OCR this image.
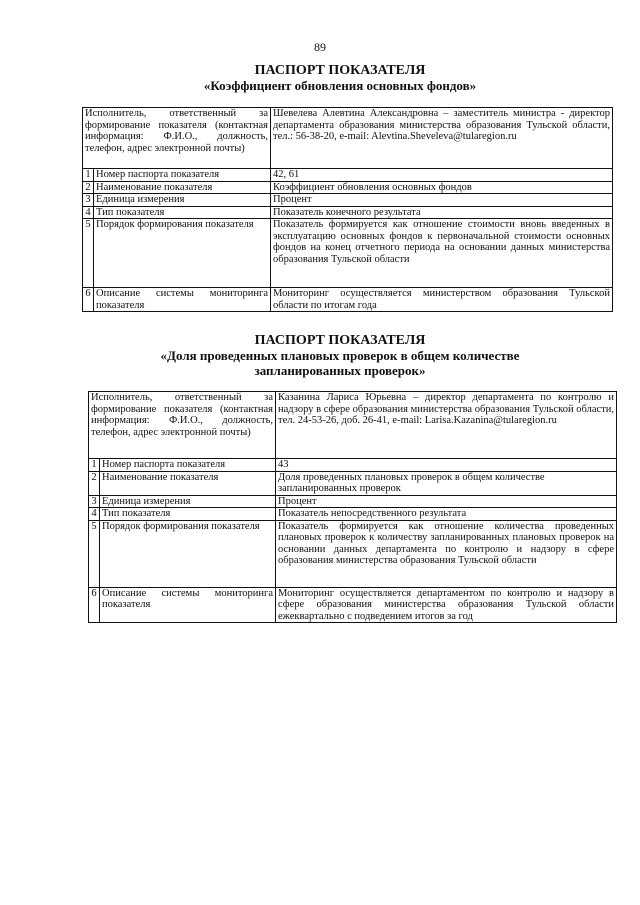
89
ПАСПОРТ ПОКАЗАТЕЛЯ
«Коэффициент обновления основных фондов»
Исполнитель, ответственный за формирование показателя (контактная информация: Ф.И.О., должность, телефон, адрес электронной почты)		Шевелева Алевтина Александровна – заместитель министра - директор департамента образования министерства образования Тульской области, тел.: 56-38-20, e-mail: Alevtina.Sheveleva@tularegion.ru
1	Номер паспорта показателя	42, 61
2	Наименование показателя	Коэффициент обновления основных фондов
3	Единица измерения	Процент
4	Тип показателя	Показатель конечного результата
5	Порядок формирования показателя	Показатель формируется как отношение стоимости вновь введенных в эксплуатацию основных фондов к первоначальной стоимости основных фондов на конец отчетного периода на основании данных министерства образования Тульской области
6	Описание системы мониторинга показателя	Мониторинг осуществляется министерством образования Тульской области по итогам года
ПАСПОРТ ПОКАЗАТЕЛЯ
«Доля проведенных плановых проверок в общем количестве
запланированных проверок»
Исполнитель, ответственный за формирование показателя (контактная информация: Ф.И.О., должность, телефон, адрес электронной почты)		Казанина Лариса Юрьевна – директор департамента по контролю и надзору в сфере образования министерства образования Тульской области, тел. 24-53-26, доб. 26-41, e-mail: Larisa.Kazanina@tularegion.ru
1	Номер паспорта показателя	43
2	Наименование показателя	Доля проведенных плановых проверок в общем количестве запланированных проверок
3	Единица измерения	Процент
4	Тип показателя	Показатель непосредственного результата
5	Порядок формирования показателя	Показатель формируется как отношение количества проведенных плановых проверок к количеству запланированных плановых проверок на основании данных департамента по контролю и надзору в сфере образования министерства образования Тульской области
6	Описание системы мониторинга показателя	Мониторинг осуществляется департаментом по контролю и надзору в сфере образования министерства образования Тульской области ежеквартально с подведением итогов за год
